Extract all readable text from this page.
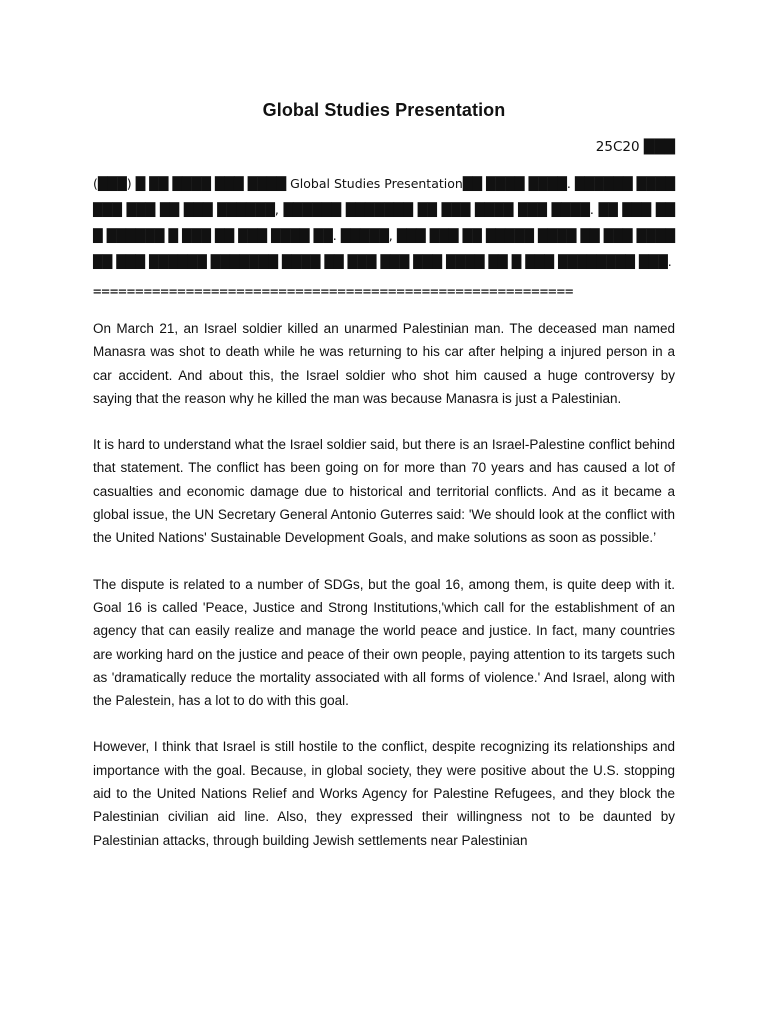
Global Studies Presentation
25C20 ███

(███) █ ██ ████ ███ ████ Global Studies Presentation██ ████ ████. ██████ ███████ ███ ██ ███ ██████, ██████ ███████ ██ ███ ████ ███ ████. ██ ███ ███ ██████ █ ███ ██ ███ ████ ██. █████, ███ ███ ██ █████ ████ ██ ███ ████ ██ ███ ██████ ███████ ████ ██ ███ ███ ███ ████ ██ █ ███ ████████ ███.

=========================================================

On March 21, an Israel soldier killed an unarmed Palestinian man. The deceased man named Manasra was shot to death while he was returning to his car after helping a injured person in a car accident. And about this, the Israel soldier who shot him caused a huge controversy by saying that the reason why he killed the man was because Manasra is just a Palestinian.

It is hard to understand what the Israel soldier said, but there is an Israel-Palestine conflict behind that statement. The conflict has been going on for more than 70 years and has caused a lot of casualties and economic damage due to historical and territorial conflicts. And as it became a global issue, the UN Secretary General Antonio Guterres said: 'We should look at the conflict with the United Nations' Sustainable Development Goals, and make solutions as soon as possible.’

The dispute is related to a number of SDGs, but the goal 16, among them, is quite deep with it. Goal 16 is called 'Peace, Justice and Strong Institutions,'which call for the establishment of an agency that can easily realize and manage the world peace and justice. In fact, many countries are working hard on the justice and peace of their own people, paying attention to its targets such as 'dramatically reduce the mortality associated with all forms of violence.' And Israel, along with the Palestein, has a lot to do with this goal.

However, I think that Israel is still hostile to the conflict, despite recognizing its relationships and importance with the goal. Because, in global society, they were positive about the U.S. stopping aid to the United Nations Relief and Works Agency for Palestine Refugees, and they block the Palestinian civilian aid line. Also, they expressed their willingness not to be daunted by Palestinian attacks, through building Jewish settlements near Palestinian
